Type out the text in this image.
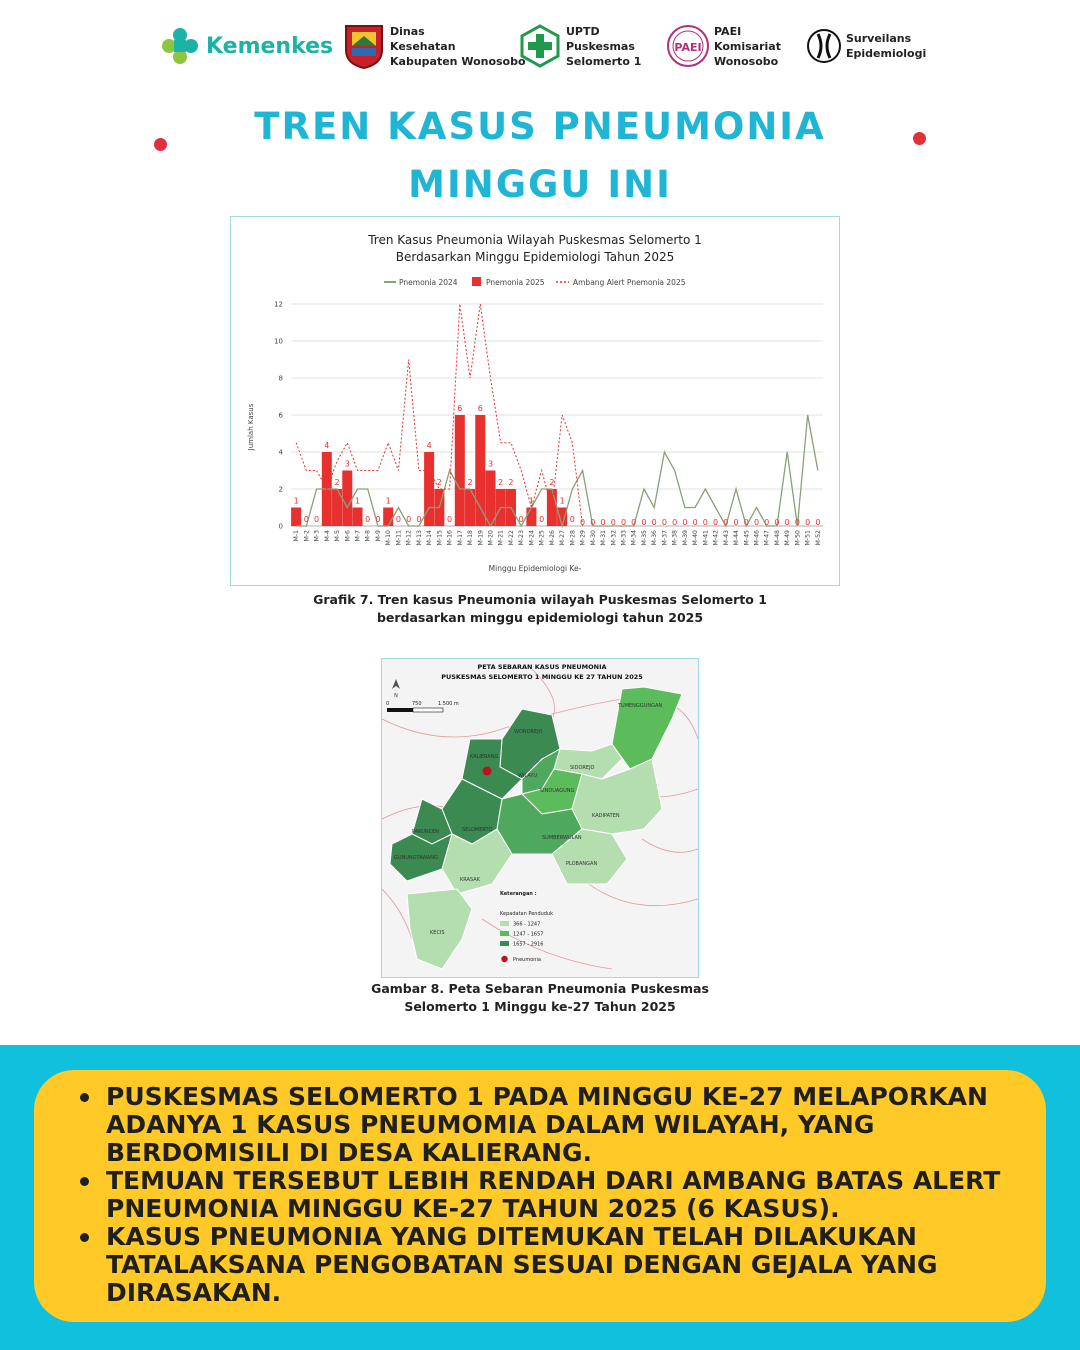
Kemenkes
Dinas
Kesehatan
Kabupaten Wonosobo
UPTD
Puskesmas
Selomerto 1
PAEI
PAEI
Komisariat
Wonosobo
Surveilans
Epidemiologi
TREN KASUS PNEUMONIA
MINGGU INI
Tren Kasus Pneumonia Wilayah Puskesmas Selomerto 1
Berdasarkan Minggu Epidemiologi Tahun 2025
Pnemonia 2024	Pnemonia 2025	Ambang Alert Pnemonia 2025
0
2
4
6
8
10
12
1
0 0
4
2
3
1
0 0
1
0 0 0
4
2
0
6
2
6
3
2 2
0
1
0
2
1
0 0 0 0 0 0 0 0 0 0 0 0 0 0 0 0 0 0 0 0 0 0 0 0 0
M-1 M-2 M-3 M-4 M-5 M-6 M-7 M-8 M-9 M-10 M-11 M-12 M-13 M-14 M-15 M-16 M-17 M-18 M-19 M-20 M-21 M-22 M-23 M-24 M-25 M-26 M-27 M-28 M-29 M-30 M-31 M-32 M-33 M-34 M-35 M-36 M-37 M-38 M-39 M-40 M-41 M-42 M-43 M-44 M-45 M-46 M-47 M-48 M-49 M-50 M-51 M-52
Jumlah Kasus
Minggu Epidemiologi Ke-
Grafik 7. Tren kasus Pneumonia wilayah Puskesmas Selomerto 1
berdasarkan minggu epidemiologi tahun 2025
WONOREJO
KALIERANG
WILAYU
SIDOREJO
TUMENGGUNGAN
SINDUAGUNG
KADIPATEN
SELOMERTO
PAKUNCEN
SUMBERWULAN
GUNUNGTAWANG
PLOBANGAN
KRASAK
KECIS
PETA SEBARAN KASUS PNEUMONIA
PUSKESMAS SELOMERTO 1 MINGGU KE 27 TAHUN 2025
N
0	750	1.500 m
Keterangan :
Kepadatan Penduduk
366 - 1247
1247 - 1657
1657 - 2916
Pneumonia
Gambar 8. Peta Sebaran Pneumonia Puskesmas
Selomerto 1 Minggu ke-27 Tahun 2025
PUSKESMAS SELOMERTO 1 PADA MINGGU KE-27 MELAPORKAN ADANYA 1 KASUS PNEUMOMIA DALAM WILAYAH, YANG BERDOMISILI DI DESA KALIERANG.
TEMUAN TERSEBUT LEBIH RENDAH DARI AMBANG BATAS ALERT PNEUMONIA MINGGU KE-27 TAHUN 2025 (6 KASUS).
KASUS PNEUMONIA YANG DITEMUKAN TELAH DILAKUKAN TATALAKSANA PENGOBATAN SESUAI DENGAN GEJALA YANG DIRASAKAN.
